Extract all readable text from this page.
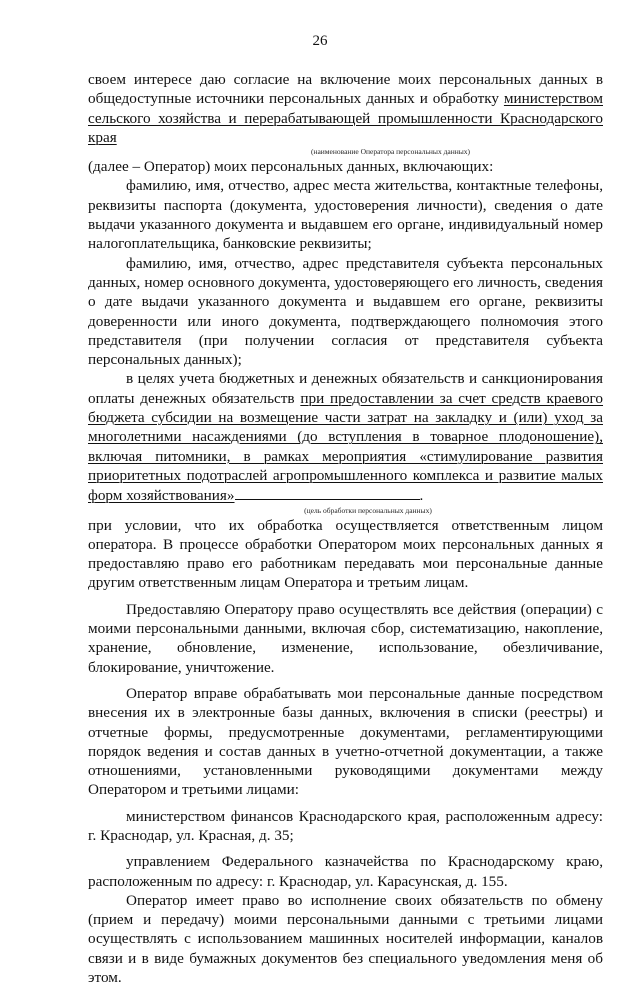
26

своем интересе даю согласие на включение моих персональных данных в общедоступные источники персональных данных и обработку министерством сельского хозяйства и перерабатывающей промышленности Краснодарского края

(наименование Оператора персональных данных)

(далее – Оператор) моих персональных данных, включающих:

фамилию, имя, отчество, адрес места жительства, контактные телефоны, реквизиты паспорта (документа, удостоверения личности), сведения о дате выдачи указанного документа и выдавшем его органе, индивидуальный номер налогоплательщика, банковские реквизиты;

фамилию, имя, отчество, адрес представителя субъекта персональных данных, номер основного документа, удостоверяющего его личность, сведения о дате выдачи указанного документа и выдавшем его органе, реквизиты доверенности или иного документа, подтверждающего полномочия этого представителя (при получении согласия от представителя субъекта персональных данных);

в целях учета бюджетных и денежных обязательств и санкционирования оплаты денежных обязательств при предоставлении за счет средств краевого бюджета субсидии на возмещение части затрат на закладку и (или) уход за многолетними насаждениями (до вступления в товарное плодоношение), включая питомники, в рамках мероприятия «стимулирование развития приоритетных подотраслей агропромышленного комплекса и развитие малых форм хозяйствования»	.

(цель обработки персональных данных)

при условии, что их обработка осуществляется ответственным лицом оператора. В процессе обработки Оператором моих персональных данных я предоставляю право его работникам передавать мои персональные данные другим ответственным лицам Оператора и третьим лицам.

Предоставляю Оператору право осуществлять все действия (операции) с моими персональными данными, включая сбор, систематизацию, накопление, хранение, обновление, изменение, использование, обезличивание, блокирование, уничтожение.

Оператор вправе обрабатывать мои персональные данные посредством внесения их в электронные базы данных, включения в списки (реестры) и отчетные формы, предусмотренные документами, регламентирующими порядок ведения и состав данных в учетно-отчетной документации, а также отношениями, установленными руководящими документами между Оператором и третьими лицами:

министерством финансов Краснодарского края, расположенным адресу: г. Краснодар, ул. Красная, д. 35;

управлением Федерального казначейства по Краснодарскому краю, расположенным по адресу: г. Краснодар, ул. Карасунская, д. 155.

Оператор имеет право во исполнение своих обязательств по обмену (прием и передачу) моими персональными данными с третьими лицами осуществлять с использованием машинных носителей информации, каналов связи и в виде бумажных документов без специального уведомления меня об этом.
